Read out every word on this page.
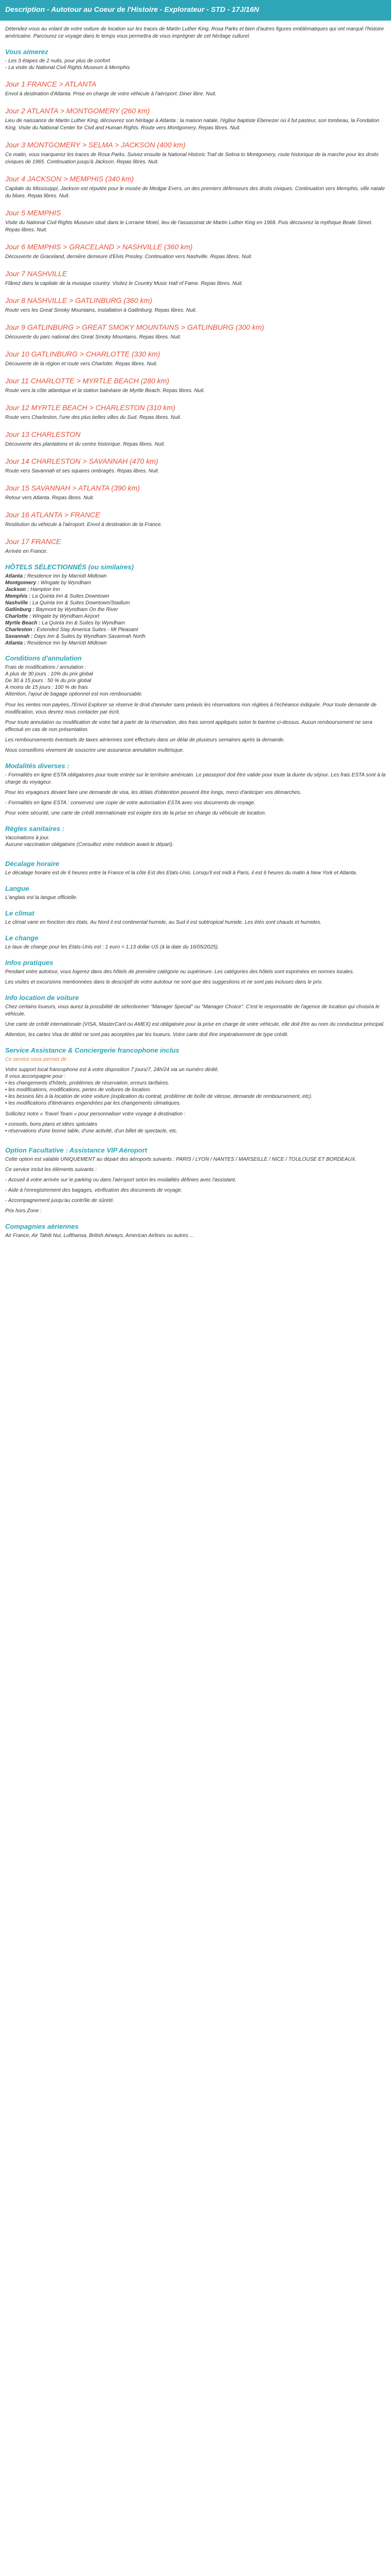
Description - Autotour au Coeur de l'Histoire - Explorateur - STD - 17J/16N

Détendez-vous au volant de votre voiture de location sur les traces de Martin Luther King, Rosa Parks et bien d'autres figures emblématiques qui ont marqué l'histoire américaine. Parcourez ce voyage dans le temps vous permettra de vous imprégner de cet héritage culturel.

Vous aimerez
- Les 3 étapes de 2 nuits, pour plus de confort
- La visite du National Civil Rights Museum à Memphis
Jour 1 FRANCE > ATLANTA

Envol à destination d'Atlanta. Prise en charge de votre véhicule à l'aéroport. Diner libre. Nuit.

Jour 2 ATLANTA > MONTGOMERY (260 km)

Lieu de naissance de Martin Luther King, découvrez son héritage à Atlanta : la maison natale, l'église baptiste Ebenezer où il fut pasteur, son tombeau, la Fondation King. Visite du National Center for Civil and Human Rights. Route vers Montgomery. Repas libres. Nuit.

Jour 3 MONTGOMERY > SELMA > JACKSON (400 km)

Ce matin, vous marquerez les traces de Rosa Parks. Suivez ensuite la National Historic Trail de Selma to Montgomery, route historique de la marche pour les droits civiques de 1965. Continuation jusqu'à Jackson. Repas libres. Nuit.

Jour 4 JACKSON > MEMPHIS (340 km)

Capitale du Mississippi, Jackson est réputée pour le musée de Medgar Evers, un des premiers défenseurs des droits civiques. Continuation vers Memphis, ville natale du blues. Repas libres. Nuit.

Jour 5 MEMPHIS

Visite du National Civil Rights Museum situé dans le Lorraine Motel, lieu de l'assassinat de Martin Luther King en 1968. Puis découvrez la mythique Beale Street. Repas libres. Nuit.

Jour 6 MEMPHIS > GRACELAND > NASHVILLE (360 km)

Découverte de Graceland, dernière demeure d'Elvis Presley. Continuation vers Nashville. Repas libres. Nuit.

Jour 7 NASHVILLE

Flânez dans la capitale de la musique country. Visitez le Country Music Hall of Fame. Repas libres. Nuit.

Jour 8 NASHVILLE > GATLINBURG (360 km)

Route vers les Great Smoky Mountains, installation à Gatlinburg. Repas libres. Nuit.

Jour 9 GATLINBURG > GREAT SMOKY MOUNTAINS > GATLINBURG (300 km)

Découverte du parc national des Great Smoky Mountains. Repas libres. Nuit.

Jour 10 GATLINBURG > CHARLOTTE (330 km)

Découverte de la région et route vers Charlotte. Repas libres. Nuit.

Jour 11 CHARLOTTE > MYRTLE BEACH (280 km)

Route vers la côte atlantique et la station balnéaire de Myrtle Beach. Repas libres. Nuit.

Jour 12 MYRTLE BEACH > CHARLESTON (310 km)

Route vers Charleston, l'une des plus belles villes du Sud. Repas libres. Nuit.

Jour 13 CHARLESTON

Découverte des plantations et du centre historique. Repas libres. Nuit.

Jour 14 CHARLESTON > SAVANNAH (470 km)

Route vers Savannah et ses squares ombragés. Repas libres. Nuit.

Jour 15 SAVANNAH > ATLANTA (390 km)

Retour vers Atlanta. Repas libres. Nuit.

Jour 16 ATLANTA > FRANCE

Restitution du véhicule à l'aéroport. Envol à destination de la France.

Jour 17 FRANCE

Arrivée en France.

HÔTELS SÉLECTIONNÉS (ou similaires)
Atlanta : Residence Inn by Marriott Midtown
Montgomery : Wingate by Wyndham
Jackson : Hampton Inn
Memphis : La Quinta Inn & Suites Downtown
Nashville : La Quinta Inn & Suites Downtown/Stadium
Gatlinburg : Baymont by Wyndham On the River
Charlotte : Wingate by Wyndham Airport
Myrtle Beach : La Quinta Inn & Suites by Wyndham
Charleston : Extended Stay America Suites - Mt Pleasant
Savannah : Days Inn & Suites by Wyndham Savannah North
Atlanta : Residence Inn by Marriott Midtown
Conditions d'annulation
Frais de modifications / annulation :
A plus de 30 jours : 10% du prix global
De 30 à 15 jours : 50 % du prix global
A moins de 15 jours : 100 % de frais
Attention, l'ajout de bagage optionnel est non remboursable.

Pour les ventes non payées, l'Envol Explorer se réserve le droit d'annuler sans préavis les réservations non réglées à l'échéance indiquée. Pour toute demande de modification, vous devrez nous contacter par écrit.

Pour toute annulation ou modification de votre fait à partir de la réservation, des frais seront appliqués selon le barème ci-dessus. Aucun remboursement ne sera effectué en cas de non présentation.

Les remboursements éventuels de taxes aériennes sont effectués dans un délai de plusieurs semaines après la demande.

Nous conseillons vivement de souscrire une assurance annulation multirisque.

Modalités diverses :

- Formalités en ligne ESTA obligatoires pour toute entrée sur le territoire américain. Le passeport doit être valide pour toute la durée du séjour. Les frais ESTA sont à la charge du voyageur.

Pour les voyageurs devant faire une demande de visa, les délais d'obtention peuvent être longs, merci d'anticiper vos démarches.

- Formalités en ligne ESTA : conservez une copie de votre autorisation ESTA avec vos documents de voyage.

Pour votre sécurité, une carte de crédit internationale est exigée lors de la prise en charge du véhicule de location.

Règles sanitaires :
Vaccinations à jour.
Aucune vaccination obligatoire (Consultez votre médecin avant le départ).
Décalage horaire

Le décalage horaire est de 6 heures entre la France et la côte Est des Etats-Unis. Lorsqu'il est midi à Paris, il est 6 heures du matin à New York et Atlanta.

Langue

L'anglais est la langue officielle.

Le climat

Le climat varie en fonction des états. Au Nord il est continental humide, au Sud il est subtropical humide. Les étés sont chauds et humides.

Le change

Le taux de change pour les Etats-Unis est : 1 euro = 1,13 dollar US (à la date du 16/05/2025).

Infos pratiques

Pendant votre autotour, vous logerez dans des hôtels de première catégorie ou supérieure. Les catégories des hôtels sont exprimées en normes locales.

Les visites et excursions mentionnées dans le descriptif de votre autotour ne sont que des suggestions et ne sont pas incluses dans le prix.

Info location de voiture

Chez certains loueurs, vous aurez la possibilité de sélectionner "Manager Special" ou "Manager Choice". C'est le responsable de l'agence de location qui choisira le véhicule.

Une carte de crédit internationale (VISA, MasterCard ou AMEX) est obligatoire pour la prise en charge de votre véhicule, elle doit être au nom du conducteur principal.

Attention, les cartes Visa de débit ne sont pas acceptées par les loueurs. Votre carte doit être impérativement de type crédit.

Service Assistance & Conciergerie francophone inclus

Ce service vous permet de :

Votre support local francophone est à votre disposition 7 jours/7, 24h/24 via un numéro dédié.
Il vous accompagne pour :
• les changements d'hôtels, problèmes de réservation, erreurs tarifaires.
• les modifications, modifications, pertes de voitures de location.
• les besoins liés à la location de votre voiture (explication du contrat, problème de boîte de vitesse, demande de remboursement, etc).
• les modifications d'itinéraires engendrées par les changements climatiques.

Sollicitez notre « Travel Team » pour personnaliser votre voyage à destination :

• conseils, bons plans et idées spéciales
• réservations d'une bonne table, d'une activité, d'un billet de spectacle, etc.
Option Facultative : Assistance VIP Aéroport

Cette option est valable UNIQUEMENT au départ des aéroports suivants : PARIS / LYON / NANTES / MARSEILLE / NICE / TOULOUSE ET BORDEAUX.

Ce service inclut les éléments suivants :

- Accueil à votre arrivée sur le parking ou dans l'aéroport selon les modalités définies avec l'assistant.

- Aide à l'enregistrement des bagages, vérification des documents de voyage.

- Accompagnement jusqu'au contrôle de sûreté.

Prix hors Zone :

Compagnies aériennes

Air France, Air Tahiti Nui, Lufthansa, British Airways, American Airlines ou autres ...
